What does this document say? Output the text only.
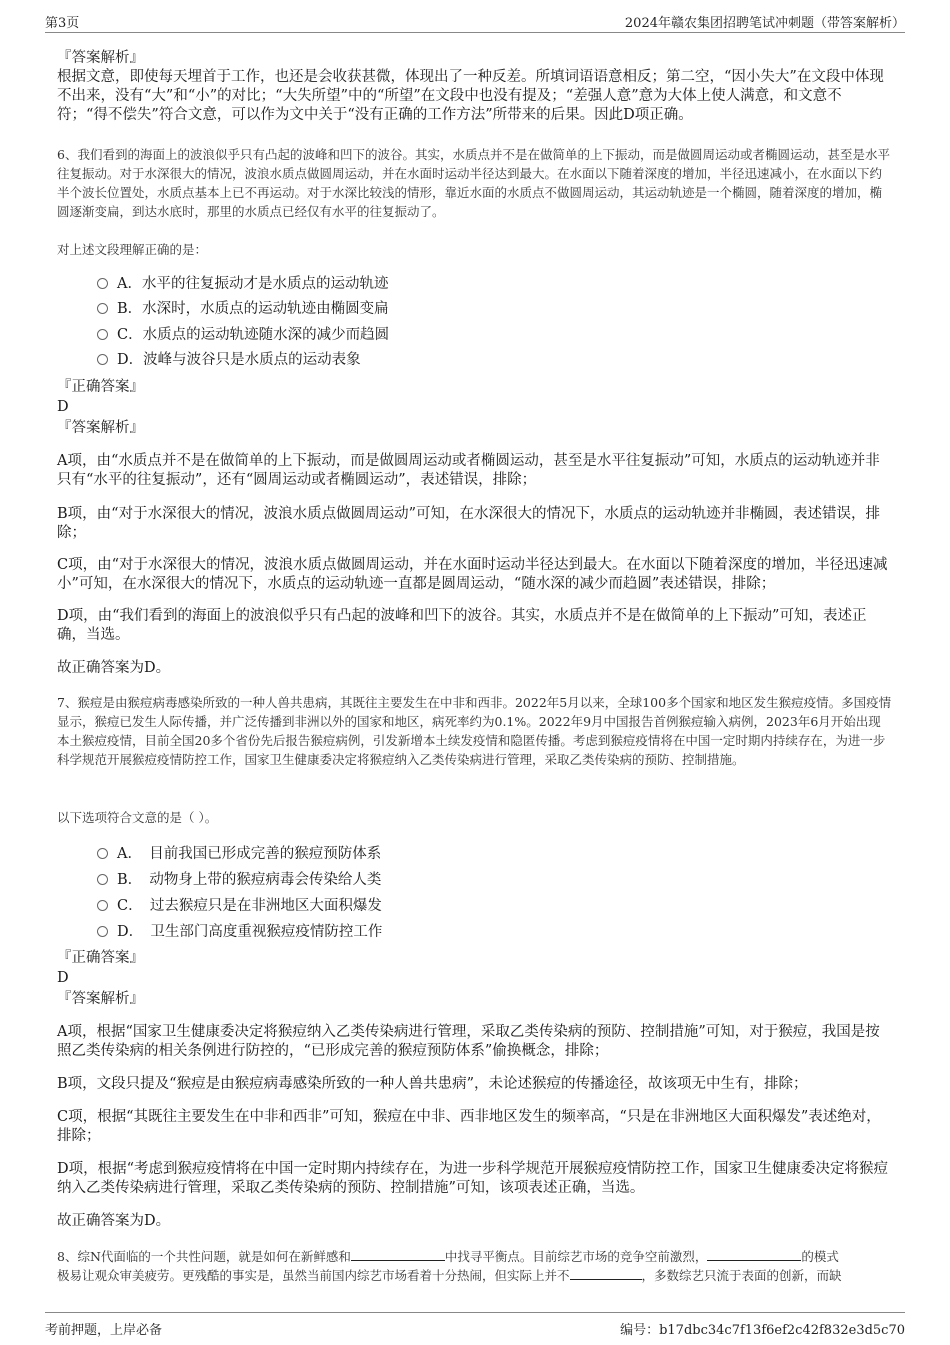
第3页	2024年赣农集团招聘笔试冲刺题（带答案解析）
『答案解析』
根据文意，即使每天埋首于工作，也还是会收获甚微，体现出了一种反差。所填词语语意相反；第二空，“因小失大”在文段中体现不出来，没有“大”和“小”的对比；“大失所望”中的“所望”在文段中也没有提及；“差强人意”意为大体上使人满意，和文意不符；“得不偿失”符合文意，可以作为文中关于“没有正确的工作方法”所带来的后果。因此D项正确。
6、我们看到的海面上的波浪似乎只有凸起的波峰和凹下的波谷。其实，水质点并不是在做简单的上下振动，而是做圆周运动或者椭圆运动，甚至是水平往复振动。对于水深很大的情况，波浪水质点做圆周运动，并在水面时运动半径达到最大。在水面以下随着深度的增加，半径迅速减小，在水面以下约半个波长位置处，水质点基本上已不再运动。对于水深比较浅的情形，靠近水面的水质点不做圆周运动，其运动轨迹是一个椭圆，随着深度的增加，椭圆逐渐变扁，到达水底时，那里的水质点已经仅有水平的往复振动了。
对上述文段理解正确的是：
A．水平的往复振动才是水质点的运动轨迹
B．水深时，水质点的运动轨迹由椭圆变扁
C．水质点的运动轨迹随水深的减少而趋圆
D．波峰与波谷只是水质点的运动表象
『正确答案』
D
『答案解析』
A项，由“水质点并不是在做简单的上下振动，而是做圆周运动或者椭圆运动，甚至是水平往复振动”可知，水质点的运动轨迹并非只有“水平的往复振动”，还有“圆周运动或者椭圆运动”，表述错误，排除；
B项，由“对于水深很大的情况，波浪水质点做圆周运动”可知，在水深很大的情况下，水质点的运动轨迹并非椭圆，表述错误，排除；
C项，由“对于水深很大的情况，波浪水质点做圆周运动，并在水面时运动半径达到最大。在水面以下随着深度的增加，半径迅速减小”可知，在水深很大的情况下，水质点的运动轨迹一直都是圆周运动，“随水深的减少而趋圆”表述错误，排除；
D项，由“我们看到的海面上的波浪似乎只有凸起的波峰和凹下的波谷。其实，水质点并不是在做简单的上下振动”可知，表述正确，当选。
故正确答案为D。
7、猴痘是由猴痘病毒感染所致的一种人兽共患病，其既往主要发生在中非和西非。2022年5月以来，全球100多个国家和地区发生猴痘疫情。多国疫情显示，猴痘已发生人际传播，并广泛传播到非洲以外的国家和地区，病死率约为0.1%。2022年9月中国报告首例猴痘输入病例，2023年6月开始出现本土猴痘疫情，目前全国20多个省份先后报告猴痘病例，引发新增本土续发疫情和隐匿传播。考虑到猴痘疫情将在中国一定时期内持续存在，为进一步科学规范开展猴痘疫情防控工作，国家卫生健康委决定将猴痘纳入乙类传染病进行管理，采取乙类传染病的预防、控制措施。
以下选项符合文意的是（ ）。
A．　目前我国已形成完善的猴痘预防体系
B．　动物身上带的猴痘病毒会传染给人类
C．　过去猴痘只是在非洲地区大面积爆发
D．　卫生部门高度重视猴痘疫情防控工作
『正确答案』
D
『答案解析』
A项，根据“国家卫生健康委决定将猴痘纳入乙类传染病进行管理，采取乙类传染病的预防、控制措施”可知，对于猴痘，我国是按照乙类传染病的相关条例进行防控的，“已形成完善的猴痘预防体系”偷换概念，排除；
B项，文段只提及“猴痘是由猴痘病毒感染所致的一种人兽共患病”，未论述猴痘的传播途径，故该项无中生有，排除；
C项，根据“其既往主要发生在中非和西非”可知，猴痘在中非、西非地区发生的频率高，“只是在非洲地区大面积爆发”表述绝对，排除；
D项，根据“考虑到猴痘疫情将在中国一定时期内持续存在，为进一步科学规范开展猴痘疫情防控工作，国家卫生健康委决定将猴痘纳入乙类传染病进行管理，采取乙类传染病的预防、控制措施”可知，该项表述正确，当选。
故正确答案为D。
8、综N代面临的一个共性问题，就是如何在新鲜感和	中找寻平衡点。目前综艺市场的竞争空前激烈，	的模式
极易让观众审美疲劳。更残酷的事实是，虽然当前国内综艺市场看着十分热闹，但实际上并不	，多数综艺只流于表面的创新，而缺
考前押题，上岸必备	编号：b17dbc34c7f13f6ef2c42f832e3d5c70
